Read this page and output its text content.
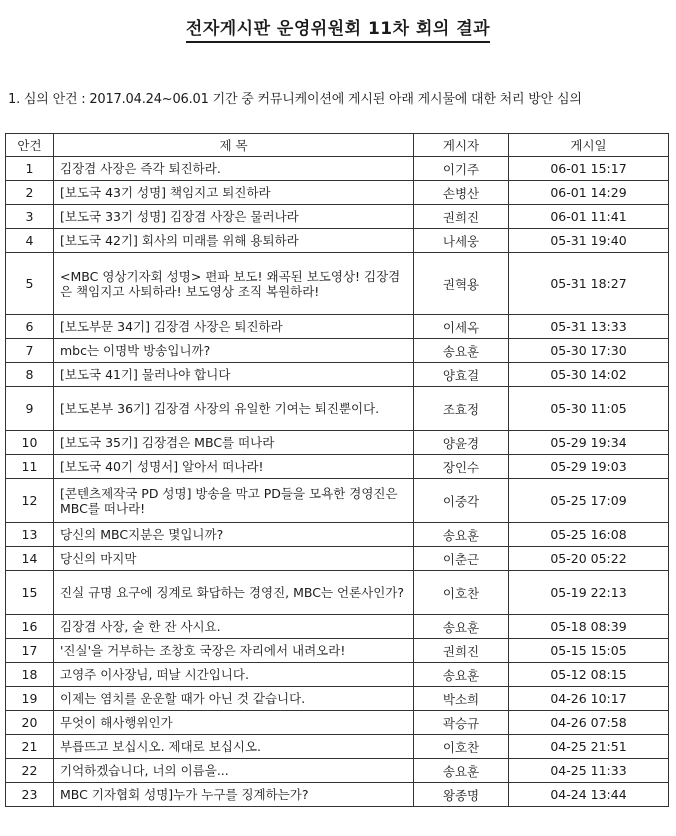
전자게시판 운영위원회 11차 회의 결과
1. 심의 안건 : 2017.04.24~06.01 기간 중 커뮤니케이션에 게시된 아래 게시물에 대한 처리 방안 심의
안건	제 목	게시자	게시일
1	김장겸 사장은 즉각 퇴진하라.	이기주	06-01 15:17
2	[보도국 43기 성명] 책임지고 퇴진하라	손병산	06-01 14:29
3	[보도국 33기 성명] 김장겸 사장은 물러나라	권희진	06-01 11:41
4	[보도국 42기] 회사의 미래를 위해 용퇴하라	나세웅	05-31 19:40
5	<MBC 영상기자회 성명> 편파 보도! 왜곡된 보도영상! 김장겸은 책임지고 사퇴하라! 보도영상 조직 복원하라!	권혁용	05-31 18:27
6	[보도부문 34기] 김장겸 사장은 퇴진하라	이세옥	05-31 13:33
7	mbc는 이명박 방송입니까?	송요훈	05-30 17:30
8	[보도국 41기] 물러나야 합니다	양효걸	05-30 14:02
9	[보도본부 36기] 김장겸 사장의 유일한 기여는 퇴진뿐이다.	조효정	05-30 11:05
10	[보도국 35기] 김장겸은 MBC를 떠나라	양윤경	05-29 19:34
11	[보도국 40기 성명서] 알아서 떠나라!	장인수	05-29 19:03
12	[콘텐츠제작국 PD 성명] 방송을 막고 PD들을 모욕한 경영진은 MBC를 떠나라!	이중각	05-25 17:09
13	당신의 MBC지분은 몇입니까?	송요훈	05-25 16:08
14	당신의 마지막	이춘근	05-20 05:22
15	진실 규명 요구에 징계로 화답하는 경영진, MBC는 언론사인가?	이호찬	05-19 22:13
16	김장겸 사장, 술 한 잔 사시요.	송요훈	05-18 08:39
17	'진실'을 거부하는 조창호 국장은 자리에서 내려오라!	권희진	05-15 15:05
18	고영주 이사장님, 떠날 시간입니다.	송요훈	05-12 08:15
19	이제는 염치를 운운할 때가 아닌 것 같습니다.	박소희	04-26 10:17
20	무엇이 해사행위인가	곽승규	04-26 07:58
21	부릅뜨고 보십시오. 제대로 보십시오.	이호찬	04-25 21:51
22	기억하겠습니다, 너의 이름을...	송요훈	04-25 11:33
23	MBC 기자협회 성명]누가 누구를 징계하는가?	왕종명	04-24 13:44
